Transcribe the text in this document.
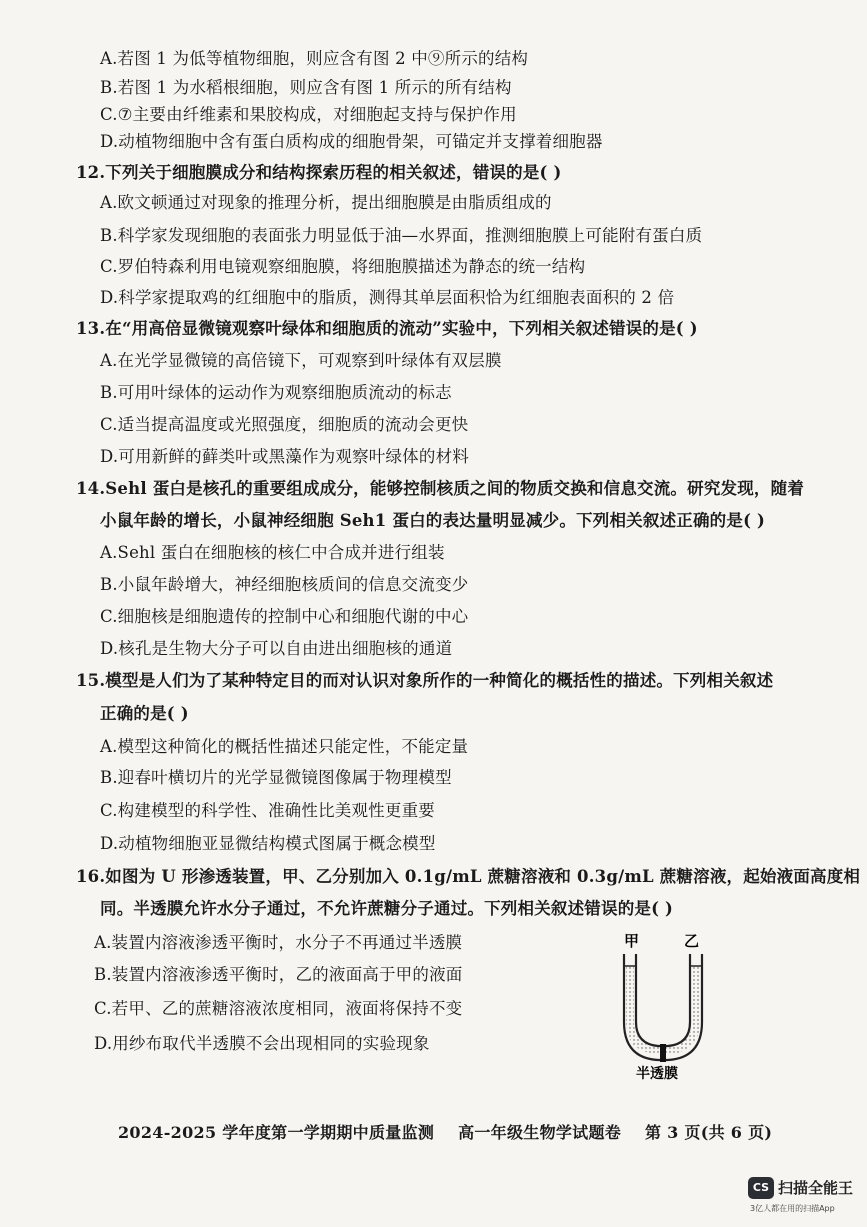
A.若图 1 为低等植物细胞，则应含有图 2 中⑨所示的结构
B.若图 1 为水稻根细胞，则应含有图 1 所示的所有结构
C.⑦主要由纤维素和果胶构成，对细胞起支持与保护作用
D.动植物细胞中含有蛋白质构成的细胞骨架，可锚定并支撑着细胞器
12.下列关于细胞膜成分和结构探索历程的相关叙述，错误的是( )
A.欧文顿通过对现象的推理分析，提出细胞膜是由脂质组成的
B.科学家发现细胞的表面张力明显低于油—水界面，推测细胞膜上可能附有蛋白质
C.罗伯特森利用电镜观察细胞膜，将细胞膜描述为静态的统一结构
D.科学家提取鸡的红细胞中的脂质，测得其单层面积恰为红细胞表面积的 2 倍
13.在“用高倍显微镜观察叶绿体和细胞质的流动”实验中，下列相关叙述错误的是( )
A.在光学显微镜的高倍镜下，可观察到叶绿体有双层膜
B.可用叶绿体的运动作为观察细胞质流动的标志
C.适当提高温度或光照强度，细胞质的流动会更快
D.可用新鲜的藓类叶或黑藻作为观察叶绿体的材料
14.Sehl 蛋白是核孔的重要组成成分，能够控制核质之间的物质交换和信息交流。研究发现，随着
小鼠年龄的增长，小鼠神经细胞 Seh1 蛋白的表达量明显减少。下列相关叙述正确的是( )
A.Sehl 蛋白在细胞核的核仁中合成并进行组装
B.小鼠年龄增大，神经细胞核质间的信息交流变少
C.细胞核是细胞遗传的控制中心和细胞代谢的中心
D.核孔是生物大分子可以自由进出细胞核的通道
15.模型是人们为了某种特定目的而对认识对象所作的一种简化的概括性的描述。下列相关叙述
正确的是( )
A.模型这种简化的概括性描述只能定性，不能定量
B.迎春叶横切片的光学显微镜图像属于物理模型
C.构建模型的科学性、准确性比美观性更重要
D.动植物细胞亚显微结构模式图属于概念模型
16.如图为 U 形渗透装置，甲、乙分别加入 0.1g/mL 蔗糖溶液和 0.3g/mL 蔗糖溶液，起始液面高度相
同。半透膜允许水分子通过，不允许蔗糖分子通过。下列相关叙述错误的是( )
A.装置内溶液渗透平衡时，水分子不再通过半透膜
B.装置内溶液渗透平衡时，乙的液面高于甲的液面
C.若甲、乙的蔗糖溶液浓度相同，液面将保持不变
D.用纱布取代半透膜不会出现相同的实验现象
甲	乙
半透膜
2024-2025 学年度第一学期期中质量监测 高一年级生物学试题卷 第 3 页(共 6 页)
CS 扫描全能王
3亿人都在用的扫描App
